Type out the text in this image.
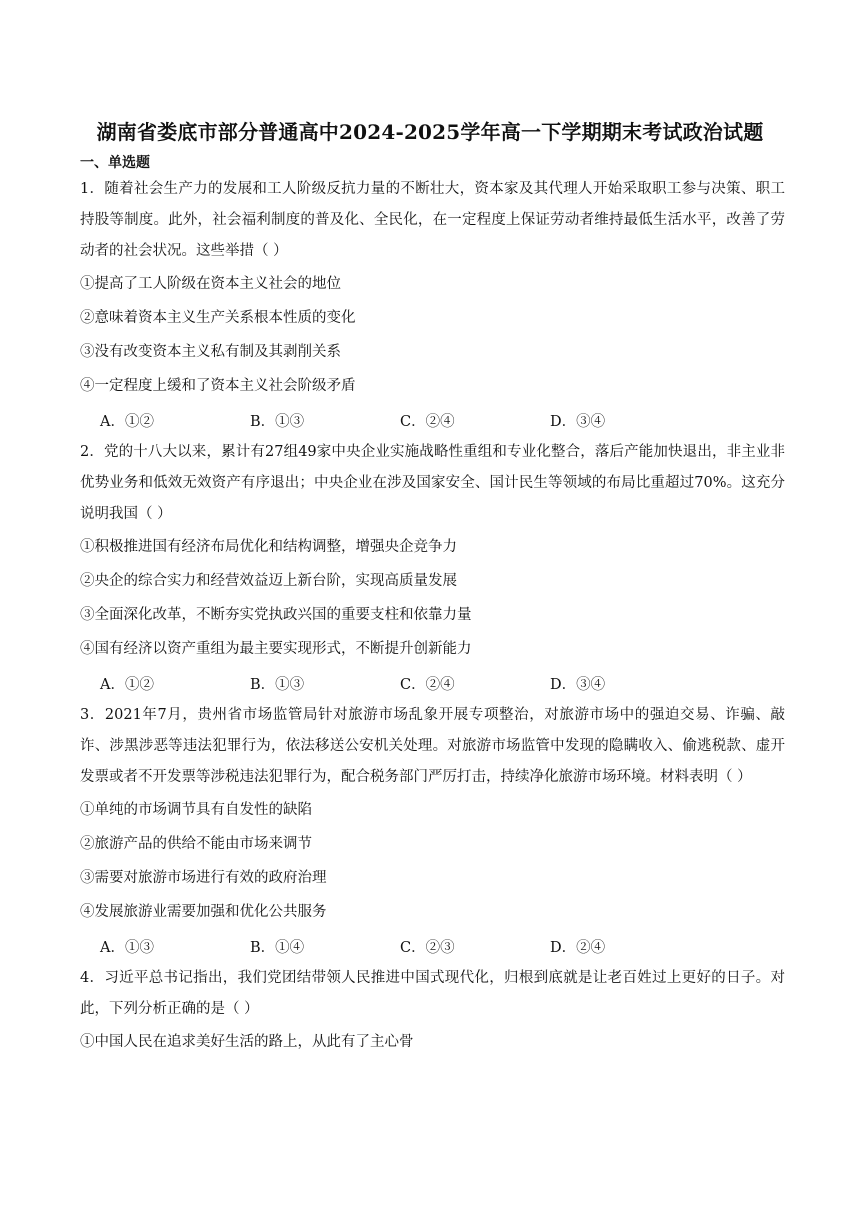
湖南省娄底市部分普通高中2024-2025学年高一下学期期末考试政治试题
一、单选题

1．随着社会生产力的发展和工人阶级反抗力量的不断壮大，资本家及其代理人开始采取职工参与决策、职工持股等制度。此外，社会福利制度的普及化、全民化，在一定程度上保证劳动者维持最低生活水平，改善了劳动者的社会状况。这些举措（ ）

①提高了工人阶级在资本主义社会的地位

②意味着资本主义生产关系根本性质的变化

③没有改变资本主义私有制及其剥削关系

④一定程度上缓和了资本主义社会阶级矛盾

A．①②	B．①③	C．②④	D．③④

2．党的十八大以来，累计有27组49家中央企业实施战略性重组和专业化整合，落后产能加快退出，非主业非优势业务和低效无效资产有序退出；中央企业在涉及国家安全、国计民生等领域的布局比重超过70%。这充分说明我国（ ）

①积极推进国有经济布局优化和结构调整，增强央企竞争力

②央企的综合实力和经营效益迈上新台阶，实现高质量发展

③全面深化改革，不断夯实党执政兴国的重要支柱和依靠力量

④国有经济以资产重组为最主要实现形式，不断提升创新能力

A．①②	B．①③	C．②④	D．③④

3．2021年7月，贵州省市场监管局针对旅游市场乱象开展专项整治，对旅游市场中的强迫交易、诈骗、敲诈、涉黑涉恶等违法犯罪行为，依法移送公安机关处理。对旅游市场监管中发现的隐瞒收入、偷逃税款、虚开发票或者不开发票等涉税违法犯罪行为，配合税务部门严厉打击，持续净化旅游市场环境。材料表明（ ）

①单纯的市场调节具有自发性的缺陷

②旅游产品的供给不能由市场来调节

③需要对旅游市场进行有效的政府治理

④发展旅游业需要加强和优化公共服务

A．①③	B．①④	C．②③	D．②④

4．习近平总书记指出，我们党团结带领人民推进中国式现代化，归根到底就是让老百姓过上更好的日子。对此，下列分析正确的是（ ）

①中国人民在追求美好生活的路上，从此有了主心骨
